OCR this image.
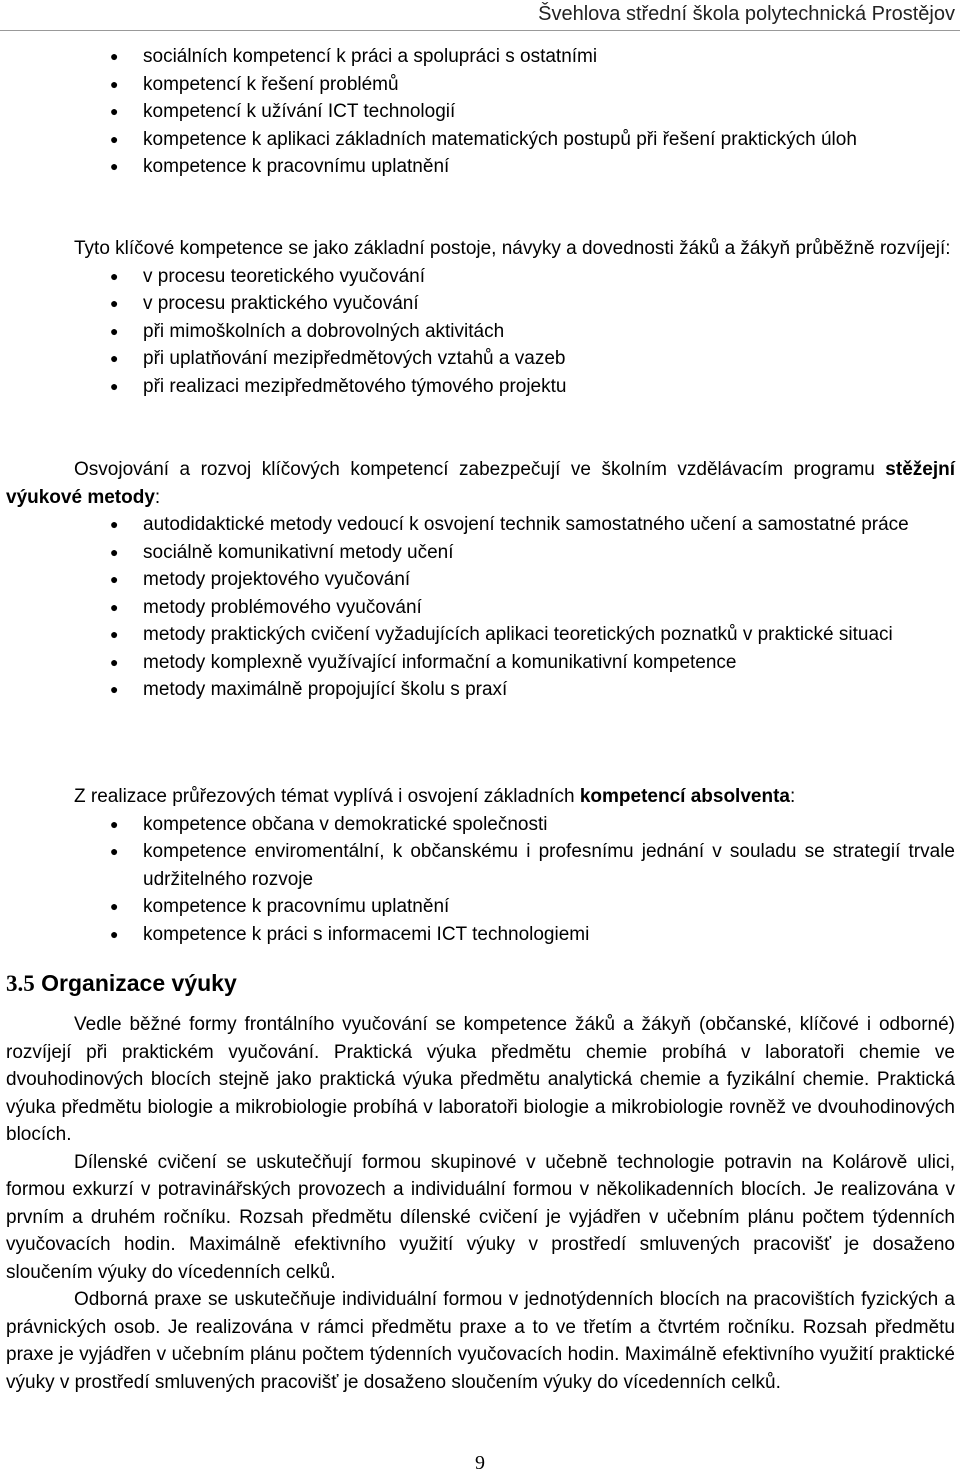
Švehlova střední škola polytechnická Prostějov
● sociálních kompetencí k práci a spolupráci s ostatními
● kompetencí k řešení problémů
● kompetencí k užívání ICT technologií
● kompetence k aplikaci základních matematických postupů při řešení praktických úloh
● kompetence k pracovnímu uplatnění

Tyto klíčové kompetence se jako základní postoje, návyky a dovednosti žáků a žákyň průběžně rozvíjejí:

● v procesu teoretického vyučování
● v procesu praktického vyučování
● při mimoškolních a dobrovolných aktivitách
● při uplatňování mezipředmětových vztahů a vazeb
● při realizaci mezipředmětového týmového projektu

Osvojování a rozvoj klíčových kompetencí zabezpečují ve školním vzdělávacím programu stěžejní výukové metody:

● autodidaktické metody vedoucí k osvojení technik samostatného učení a samostatné práce
● sociálně komunikativní metody učení
● metody projektového vyučování
● metody problémového vyučování
● metody praktických cvičení vyžadujících aplikaci teoretických poznatků v praktické situaci
● metody komplexně využívající informační a komunikativní kompetence
● metody maximálně propojující školu s praxí

Z realizace průřezových témat vyplívá i osvojení základních kompetencí absolventa:

● kompetence občana v demokratické společnosti
● kompetence enviromentální, k občanskému i profesnímu jednání v souladu se strategií trvale udržitelného rozvoje
● kompetence k pracovnímu uplatnění
● kompetence k práci s informacemi ICT technologiemi
3.5 Organizace výuky

Vedle běžné formy frontálního vyučování se kompetence žáků a žákyň (občanské, klíčové i odborné) rozvíjejí při praktickém vyučování. Praktická výuka předmětu chemie probíhá v laboratoři chemie ve dvouhodinových blocích stejně jako praktická výuka předmětu analytická chemie a fyzikální chemie. Praktická výuka předmětu biologie a mikrobiologie probíhá v laboratoři biologie a mikrobiologie rovněž ve dvouhodinových blocích.

Dílenské cvičení se uskutečňují formou skupinové v učebně technologie potravin na Kolárově ulici, formou exkurzí v potravinářských provozech a individuální formou v několikadenních blocích. Je realizována v prvním a druhém ročníku. Rozsah předmětu dílenské cvičení je vyjádřen v učebním plánu počtem týdenních vyučovacích hodin. Maximálně efektivního využití výuky v prostředí smluvených pracovišť je dosaženo sloučením výuky do vícedenních celků.

Odborná praxe se uskutečňuje individuální formou v jednotýdenních blocích na pracovištích fyzických a právnických osob. Je realizována v rámci předmětu praxe a to ve třetím a čtvrtém ročníku. Rozsah předmětu praxe je vyjádřen v učebním plánu počtem týdenních vyučovacích hodin. Maximálně efektivního využití praktické výuky v prostředí smluvených pracovišť je dosaženo sloučením výuky do vícedenních celků.

9
